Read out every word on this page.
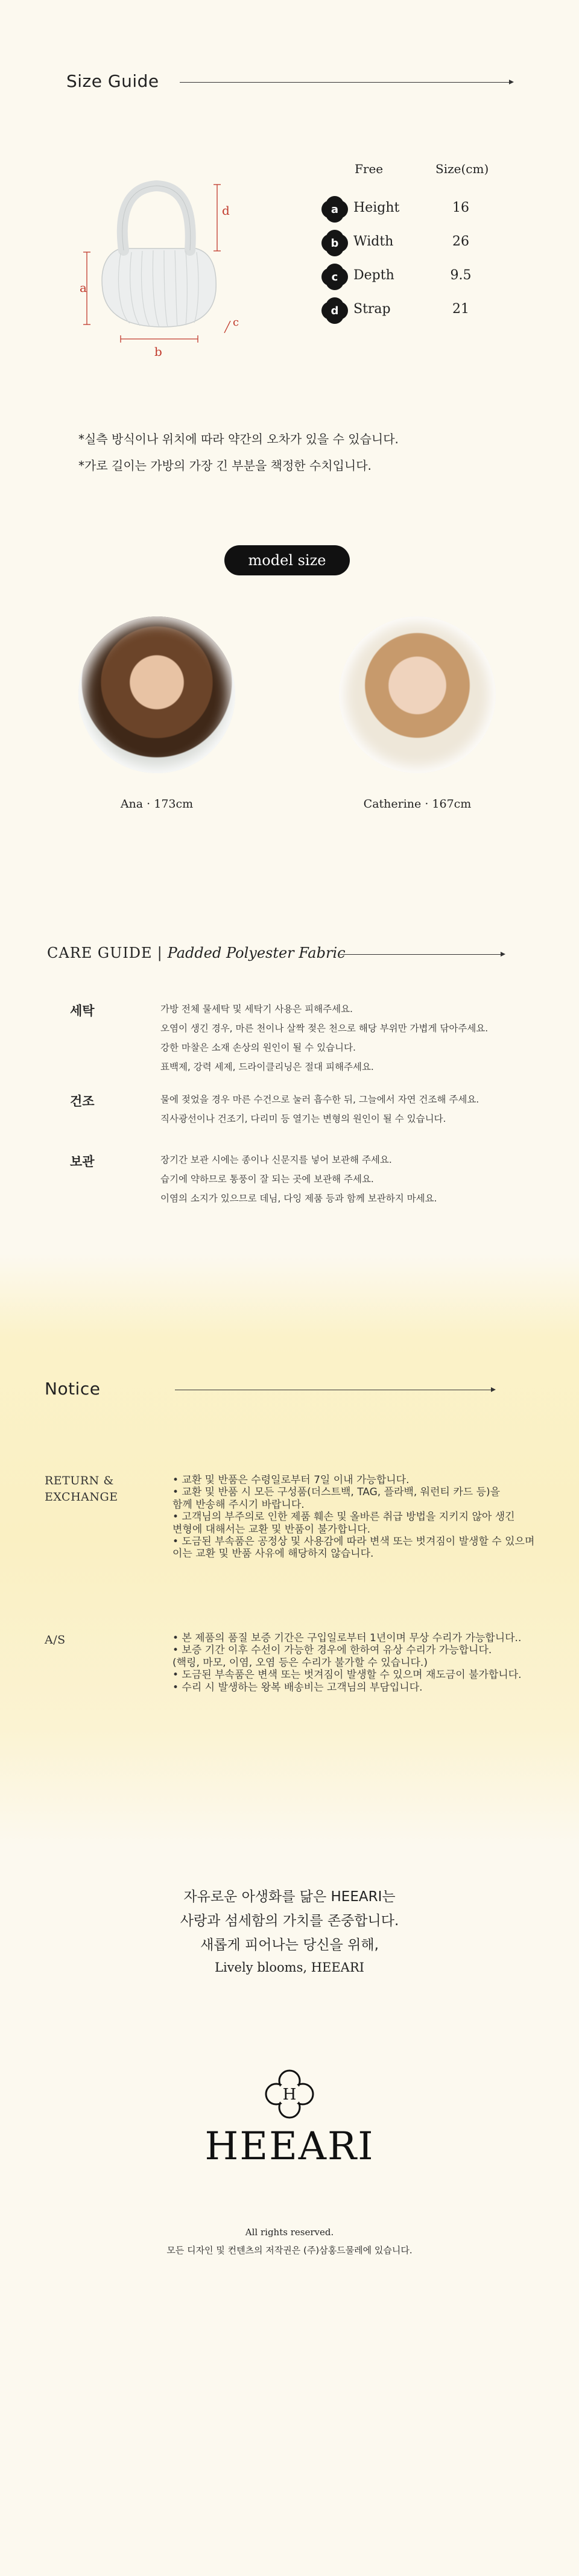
Size Guide
a
b
c
d
Free	Size(cm)
a	Height	16
b	Width	26
c	Depth	9.5
d	Strap	21
*실측 방식이나 위치에 따라 약간의 오차가 있을 수 있습니다.
*가로 길이는 가방의 가장 긴 부분을 책정한 수치입니다.
model size
Ana · 173cm	Catherine · 167cm
CARE GUIDE | Padded Polyester Fabric
세탁	가방 전체 물세탁 및 세탁기 사용은 피해주세요.
오염이 생긴 경우, 마른 천이나 살짝 젖은 천으로 해당 부위만 가볍게 닦아주세요.
강한 마찰은 소재 손상의 원인이 될 수 있습니다.
표백제, 강력 세제, 드라이클리닝은 절대 피해주세요.
건조	물에 젖었을 경우 마른 수건으로 눌러 흡수한 뒤, 그늘에서 자연 건조해 주세요.
직사광선이나 건조기, 다리미 등 열기는 변형의 원인이 될 수 있습니다.
보관	장기간 보관 시에는 종이나 신문지를 넣어 보관해 주세요.
습기에 약하므로 통풍이 잘 되는 곳에 보관해 주세요.
이염의 소지가 있으므로 데님, 다잉 제품 등과 함께 보관하지 마세요.
Notice
RETURN &
EXCHANGE
• 교환 및 반품은 수령일로부터 7일 이내 가능합니다.
• 교환 및 반품 시 모든 구성품(더스트백, TAG, 플라백, 워런티 카드 등)을
함께 반송해 주시기 바랍니다.
• 고객님의 부주의로 인한 제품 훼손 및 올바른 취급 방법을 지키지 않아 생긴
변형에 대해서는 교환 및 반품이 불가합니다.
• 도금된 부속품은 공정상 및 사용감에 따라 변색 또는 벗겨짐이 발생할 수 있으며
이는 교환 및 반품 사유에 해당하지 않습니다.
A/S	• 본 제품의 품질 보증 기간은 구입일로부터 1년이며 무상 수리가 가능합니다..
• 보증 기간 이후 수선이 가능한 경우에 한하여 유상 수리가 가능합니다.
(핵링, 마모, 이염, 오염 등은 수리가 불가할 수 있습니다.)
• 도금된 부속품은 변색 또는 벗겨짐이 발생할 수 있으며 재도금이 불가합니다.
• 수리 시 발생하는 왕복 배송비는 고객님의 부담입니다.
자유로운 아생화를 닮은 HEEARI는
사랑과 섬세함의 가치를 존중합니다.
새롭게 피어나는 당신을 위해,
Lively blooms, HEEARI
H
HEEARI
All rights reserved.
모든 디자인 및 컨텐츠의 저작권은 (주)삼홍드물레에 있습니다.
